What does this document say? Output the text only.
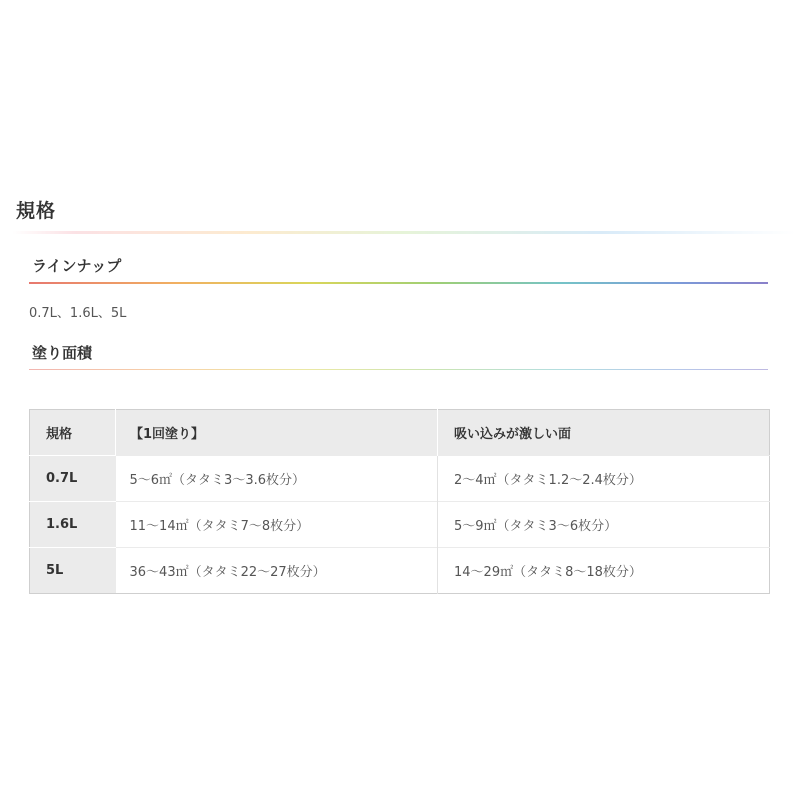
規格
ラインナップ
0.7L、1.6L、5L
塗り面積
規格	【1回塗り】	吸い込みが激しい面
0.7L	5〜6㎡（タタミ3〜3.6枚分）	2〜4㎡（タタミ1.2〜2.4枚分）
1.6L	11〜14㎡（タタミ7〜8枚分）	5〜9㎡（タタミ3〜6枚分）
5L	36〜43㎡（タタミ22〜27枚分）	14〜29㎡（タタミ8〜18枚分）
